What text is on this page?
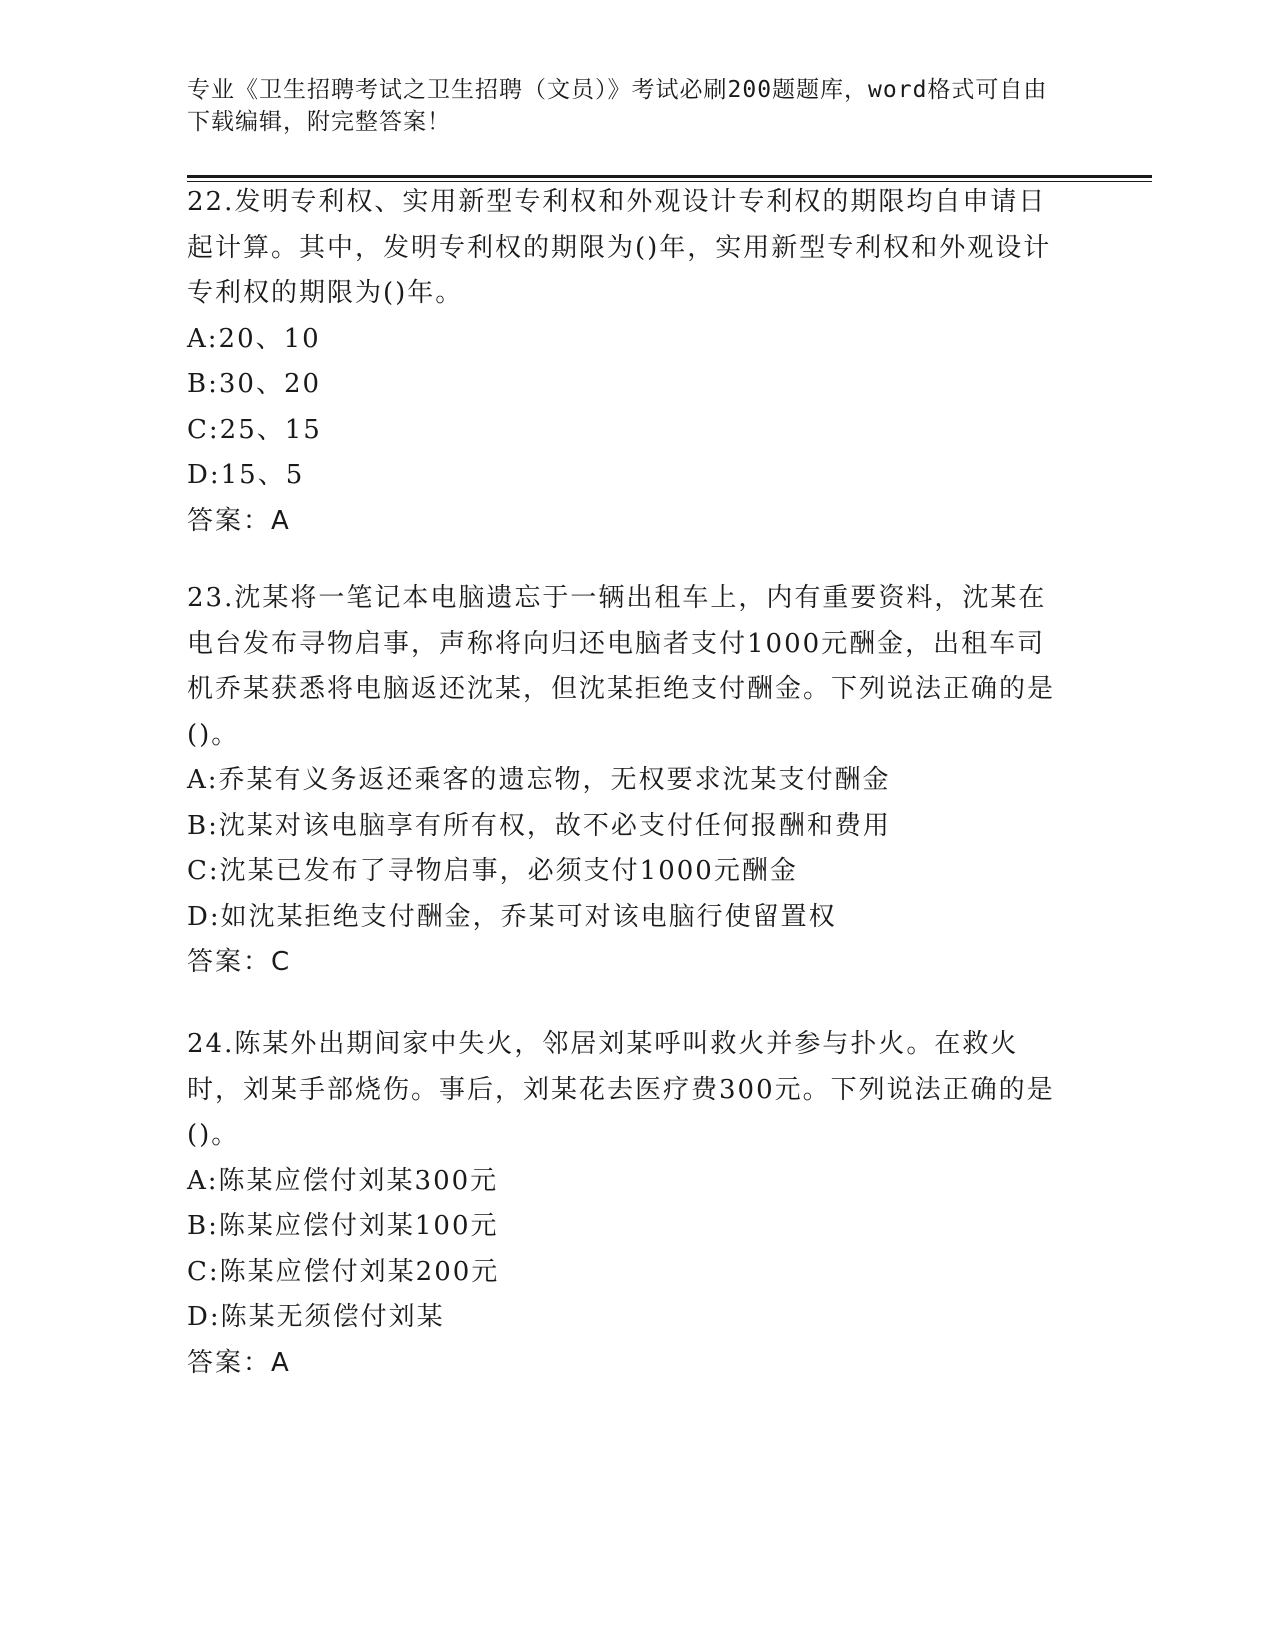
专业《卫生招聘考试之卫生招聘（文员）》考试必刷200题题库，word格式可自由下载编辑，附完整答案！

22.发明专利权、实用新型专利权和外观设计专利权的期限均自申请日起计算。其中，发明专利权的期限为()年，实用新型专利权和外观设计专利权的期限为()年。

A:20、10

B:30、20

C:25、15

D:15、5

答案：A

23.沈某将一笔记本电脑遗忘于一辆出租车上，内有重要资料，沈某在电台发布寻物启事，声称将向归还电脑者支付1000元酬金，出租车司机乔某获悉将电脑返还沈某，但沈某拒绝支付酬金。下列说法正确的是()。

A:乔某有义务返还乘客的遗忘物，无权要求沈某支付酬金

B:沈某对该电脑享有所有权，故不必支付任何报酬和费用

C:沈某已发布了寻物启事，必须支付1000元酬金

D:如沈某拒绝支付酬金，乔某可对该电脑行使留置权

答案：C

24.陈某外出期间家中失火，邻居刘某呼叫救火并参与扑火。在救火时，刘某手部烧伤。事后，刘某花去医疗费300元。下列说法正确的是()。

A:陈某应偿付刘某300元

B:陈某应偿付刘某100元

C:陈某应偿付刘某200元

D:陈某无须偿付刘某

答案：A
